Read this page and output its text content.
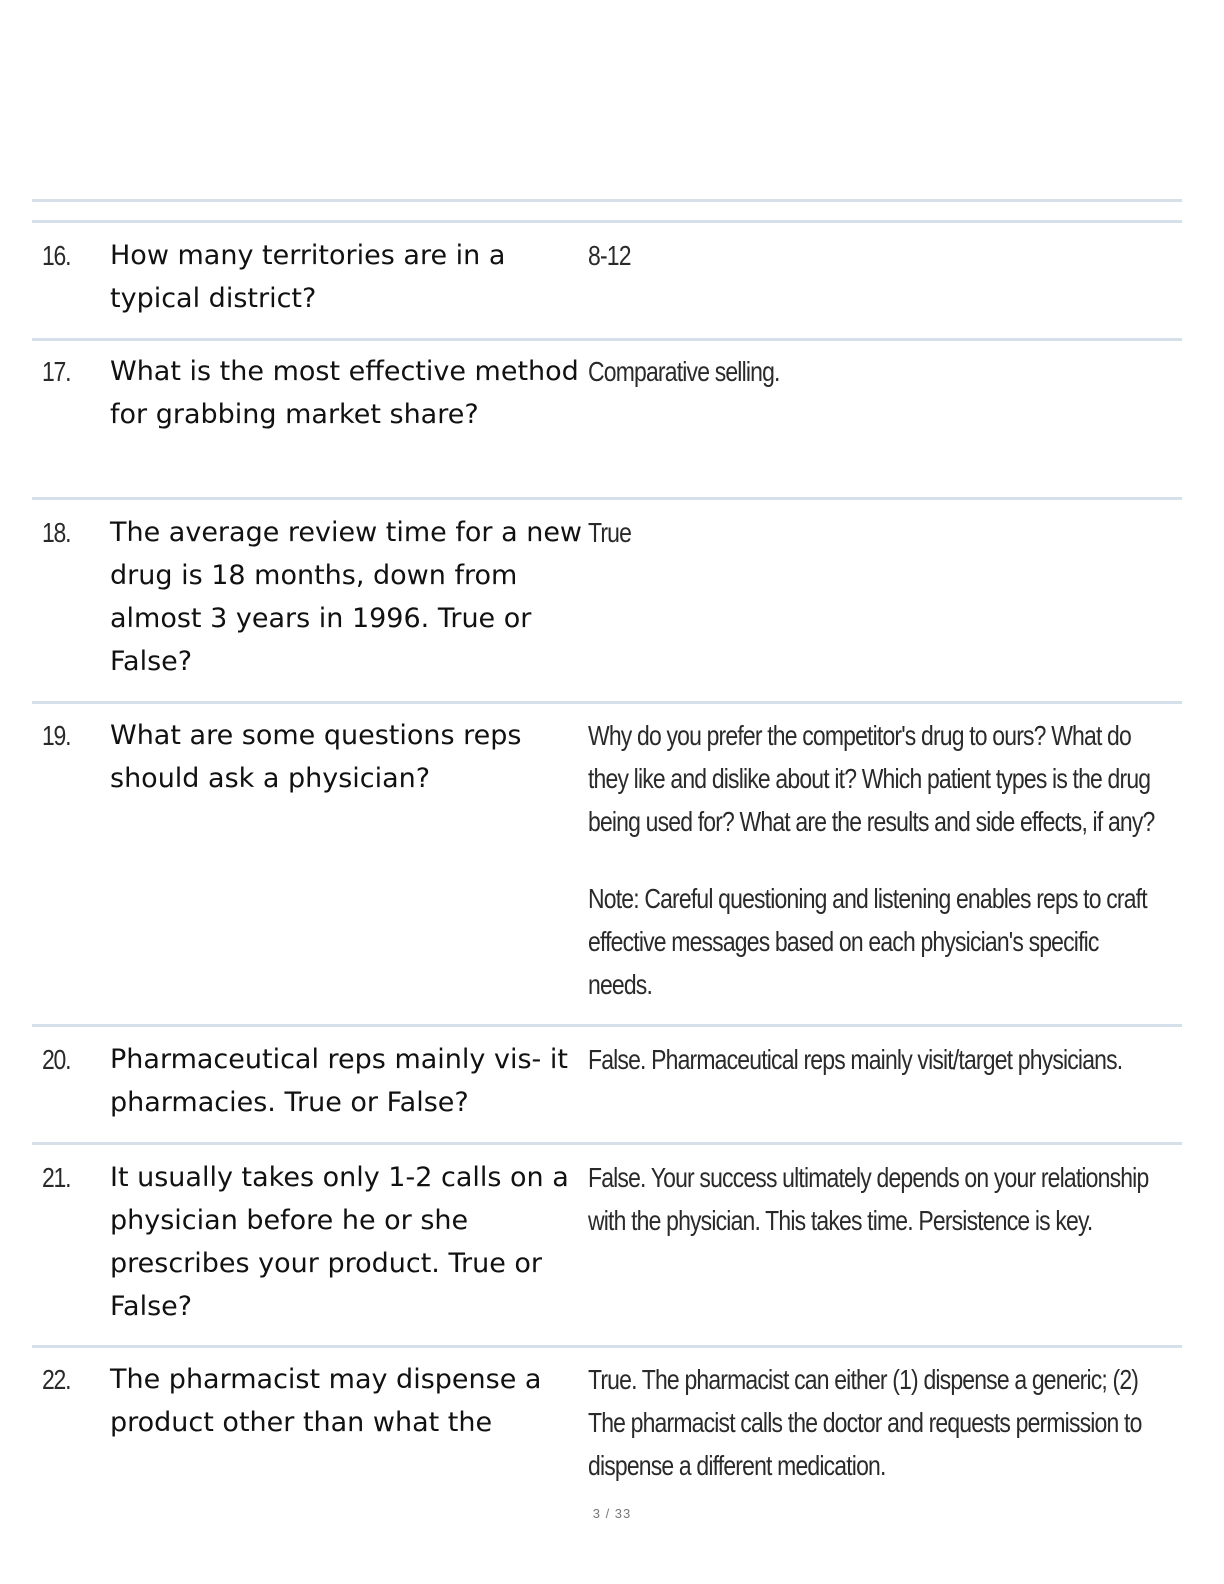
16. How many territories are in a typical district?

8-12

17. What is the most effective method for grabbing market share?

Comparative selling.

18. The average review time for a new drug is 18 months, down from almost 3 years in 1996. True or False?

True

19. What are some questions reps should ask a physician?

Why do you prefer the competitor's drug to ours? What do they like and dislike about it? Which patient types is the drug being used for? What are the results and side effects, if any?

Note: Careful questioning and listening enables reps to craft effective messages based on each physician's specific needs.

20. Pharmaceutical reps mainly vis- it pharmacies. True or False?

False. Pharmaceutical reps mainly visit/target physicians.

21. It usually takes only 1-2 calls on a physician before he or she prescribes your product. True or False?

False. Your success ultimately depends on your relationship with the physician. This takes time. Persistence is key.

22. The pharmacist may dispense a product other than what the

True. The pharmacist can either (1) dispense a generic; (2) The pharmacist calls the doctor and requests permission to dispense a different medication.

3 / 33
